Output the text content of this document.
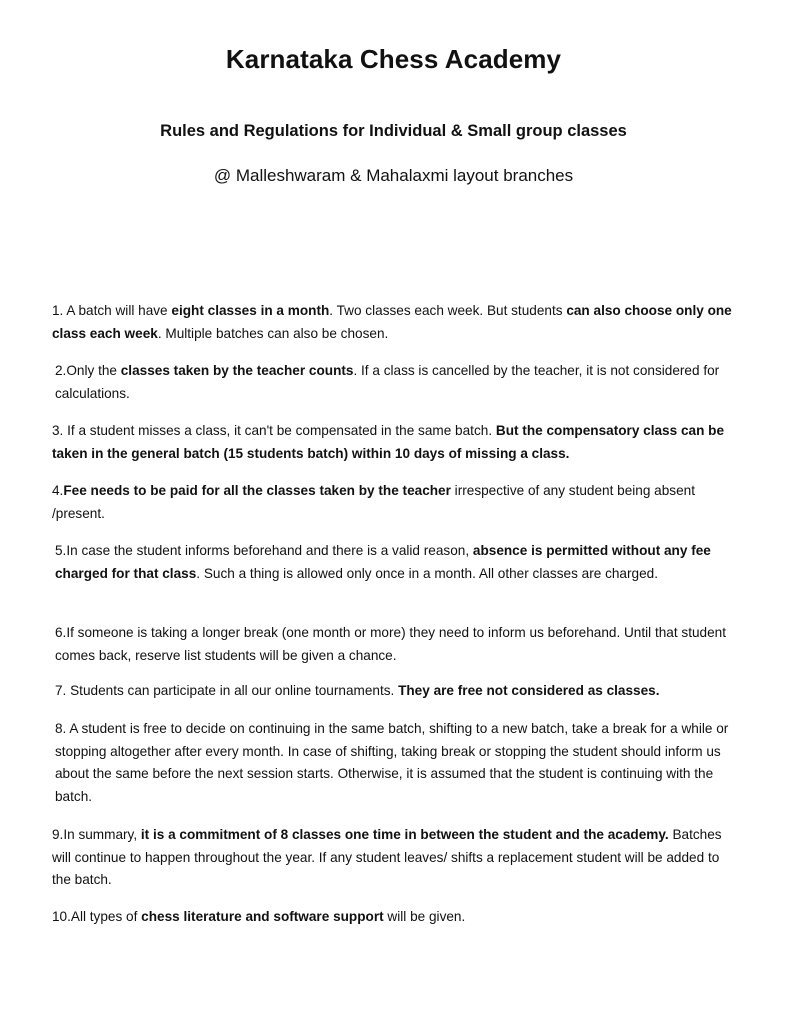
Karnataka Chess Academy
Rules and Regulations for Individual & Small group classes
@ Malleshwaram & Mahalaxmi layout branches
1. A batch will have eight classes in a month. Two classes each week. But students can also choose only one class each week. Multiple batches can also be chosen.
2.Only the classes taken by the teacher counts. If a class is cancelled by the teacher, it is not considered for calculations.
3. If a student misses a class, it can't be compensated in the same batch. But the compensatory class can be taken in the general batch (15 students batch) within 10 days of missing a class.
4.Fee needs to be paid for all the classes taken by the teacher irrespective of any student being absent /present.
5.In case the student informs beforehand and there is a valid reason, absence is permitted without any fee charged for that class. Such a thing is allowed only once in a month. All other classes are charged.
6.If someone is taking a longer break (one month or more) they need to inform us beforehand. Until that student comes back, reserve list students will be given a chance.
7. Students can participate in all our online tournaments. They are free not considered as classes.
8. A student is free to decide on continuing in the same batch, shifting to a new batch, take a break for a while or stopping altogether after every month. In case of shifting, taking break or stopping the student should inform us about the same before the next session starts. Otherwise, it is assumed that the student is continuing with the batch.
9.In summary, it is a commitment of 8 classes one time in between the student and the academy. Batches will continue to happen throughout the year. If any student leaves/ shifts a replacement student will be added to the batch.
10.All types of chess literature and software support will be given.
